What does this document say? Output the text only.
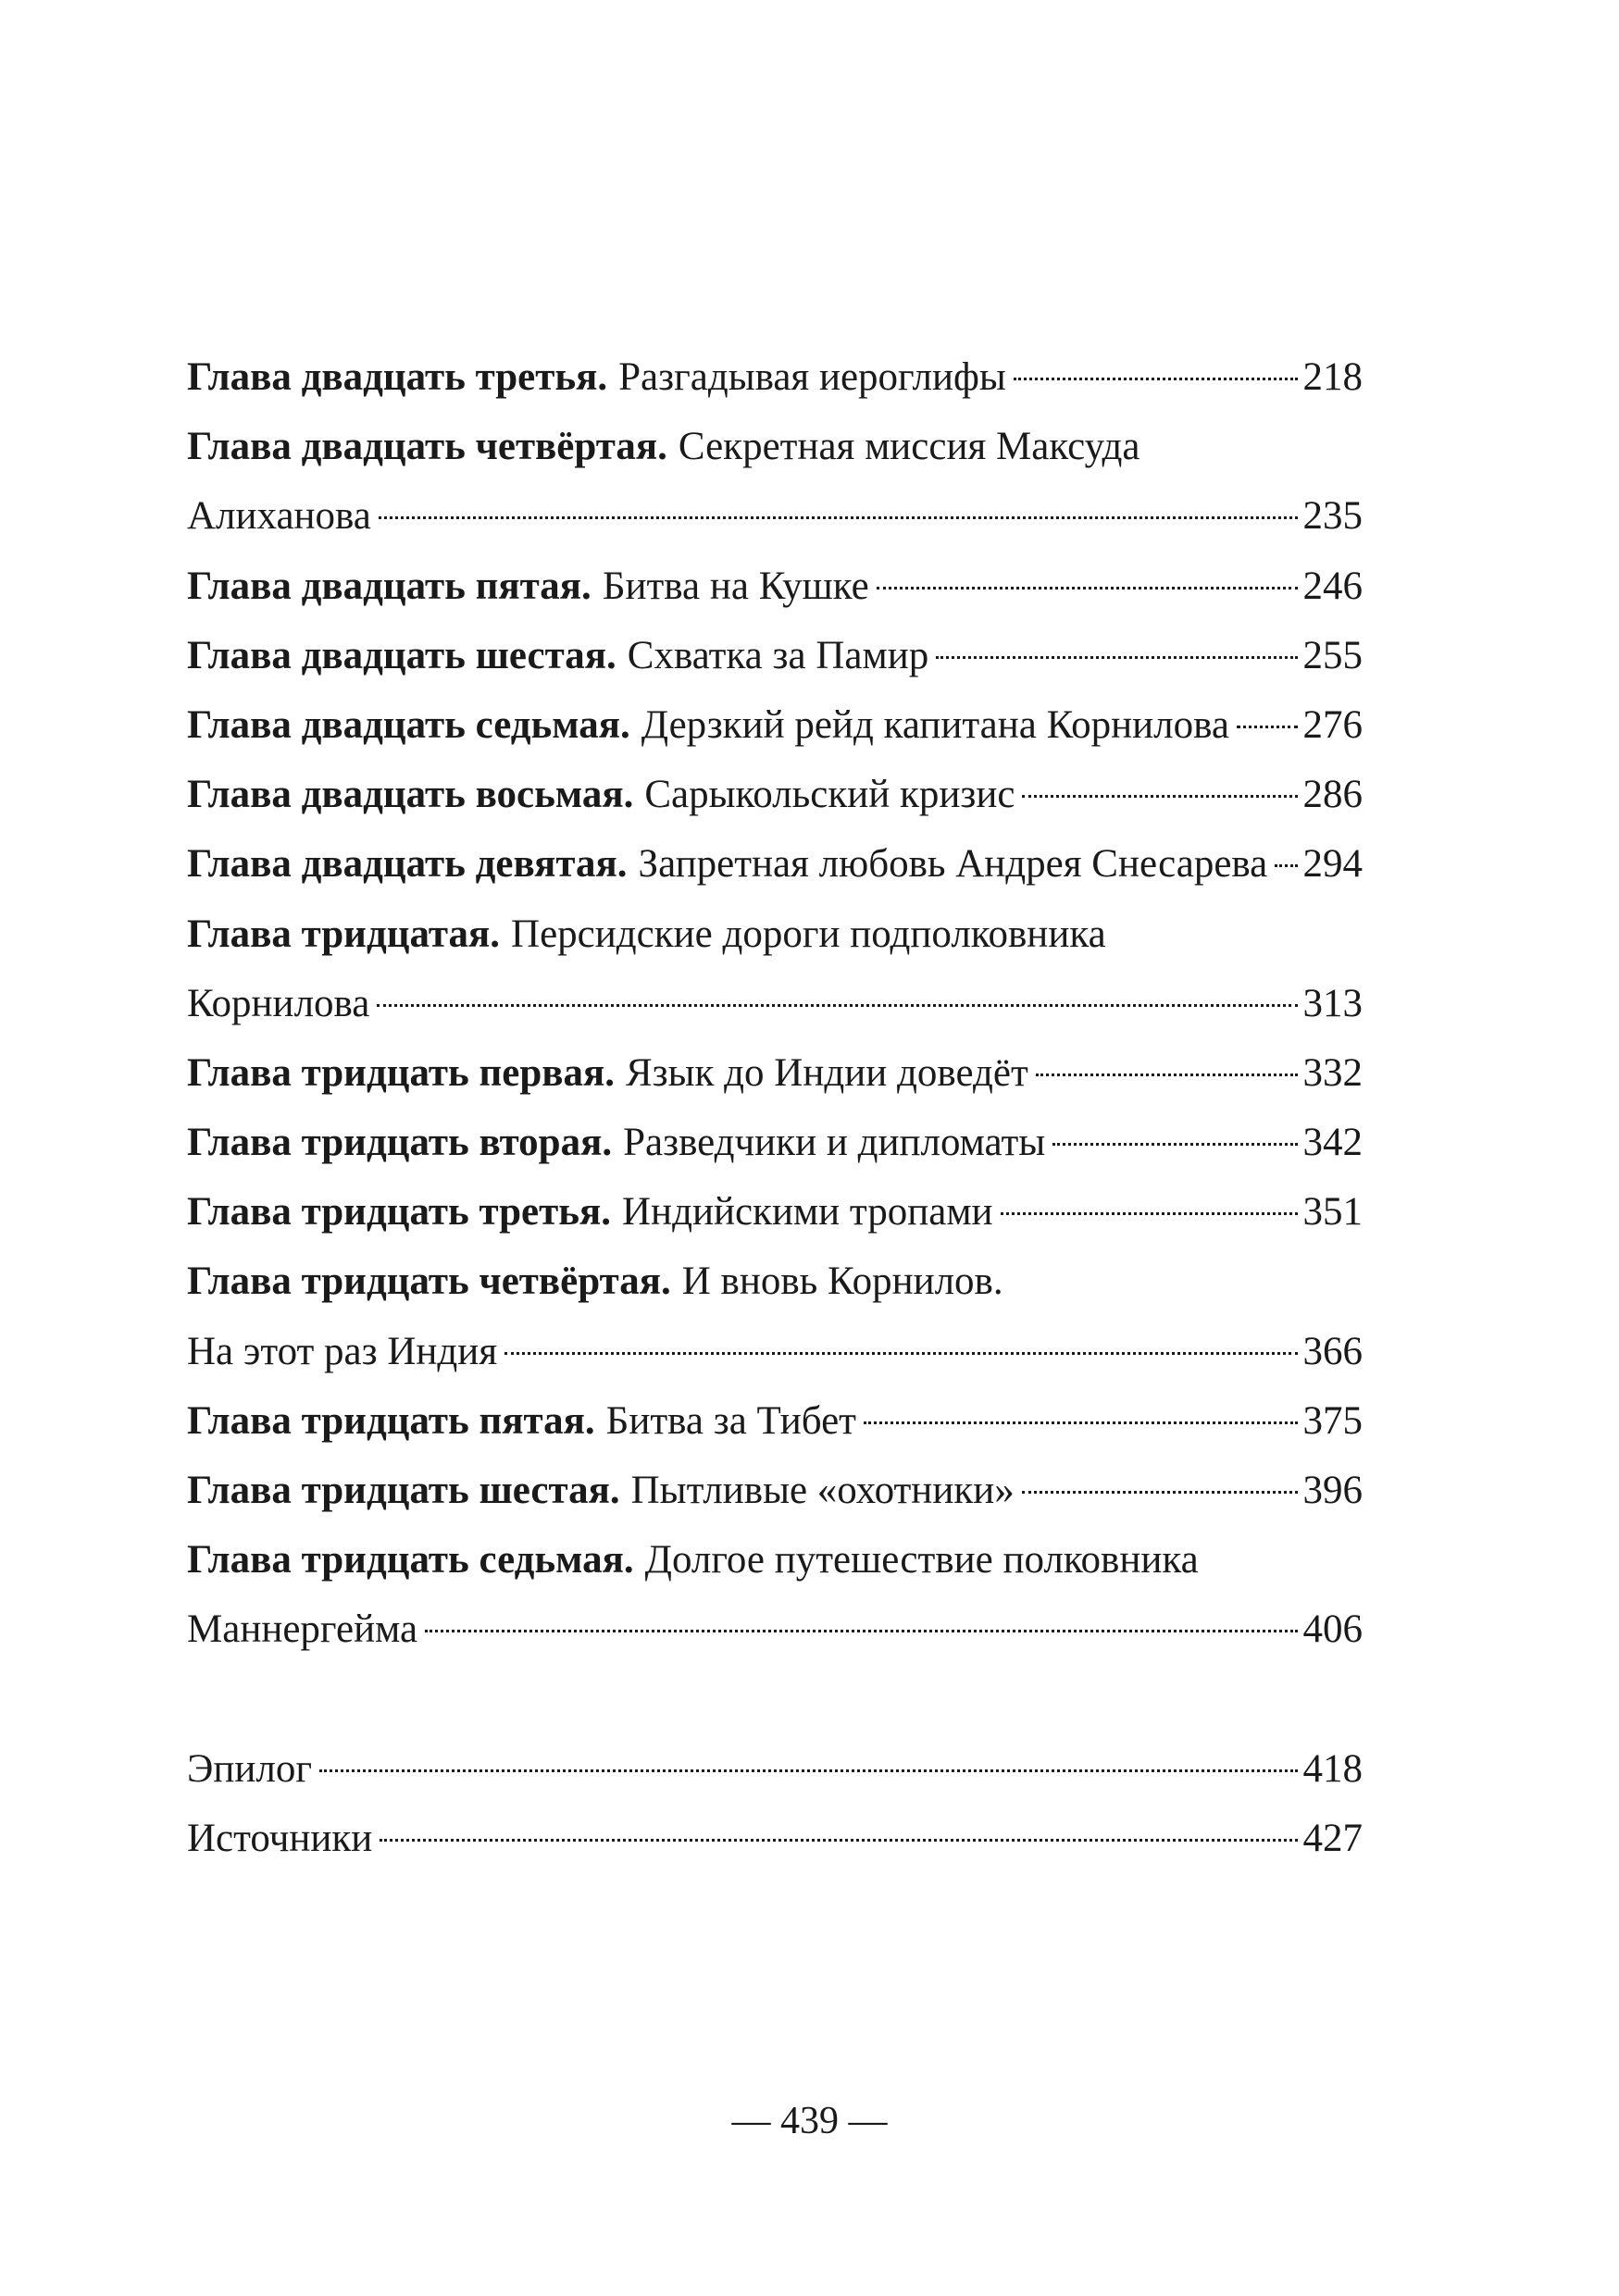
Глава двадцать третья. Разгадывая иероглифы	218
Глава двадцать четвёртая. Секретная миссия Максуда
Алиханова	235
Глава двадцать пятая. Битва на Кушке	246
Глава двадцать шестая. Схватка за Памир	255
Глава двадцать седьмая. Дерзкий рейд капитана Корнилова 276
Глава двадцать восьмая. Сарыкольский кризис	286
Глава двадцать девятая. Запретная любовь Андрея Снесарева 294
Глава тридцатая. Персидские дороги подполковника
Корнилова	313
Глава тридцать первая. Язык до Индии доведёт	332
Глава тридцать вторая. Разведчики и дипломаты	342
Глава тридцать третья. Индийскими тропами	351
Глава тридцать четвёртая. И вновь Корнилов.
На этот раз Индия	366
Глава тридцать пятая. Битва за Тибет	375
Глава тридцать шестая. Пытливые «охотники»	396
Глава тридцать седьмая. Долгое путешествие полковника
Маннергейма	406
Эпилог	418
Источники	427
— 439 —
